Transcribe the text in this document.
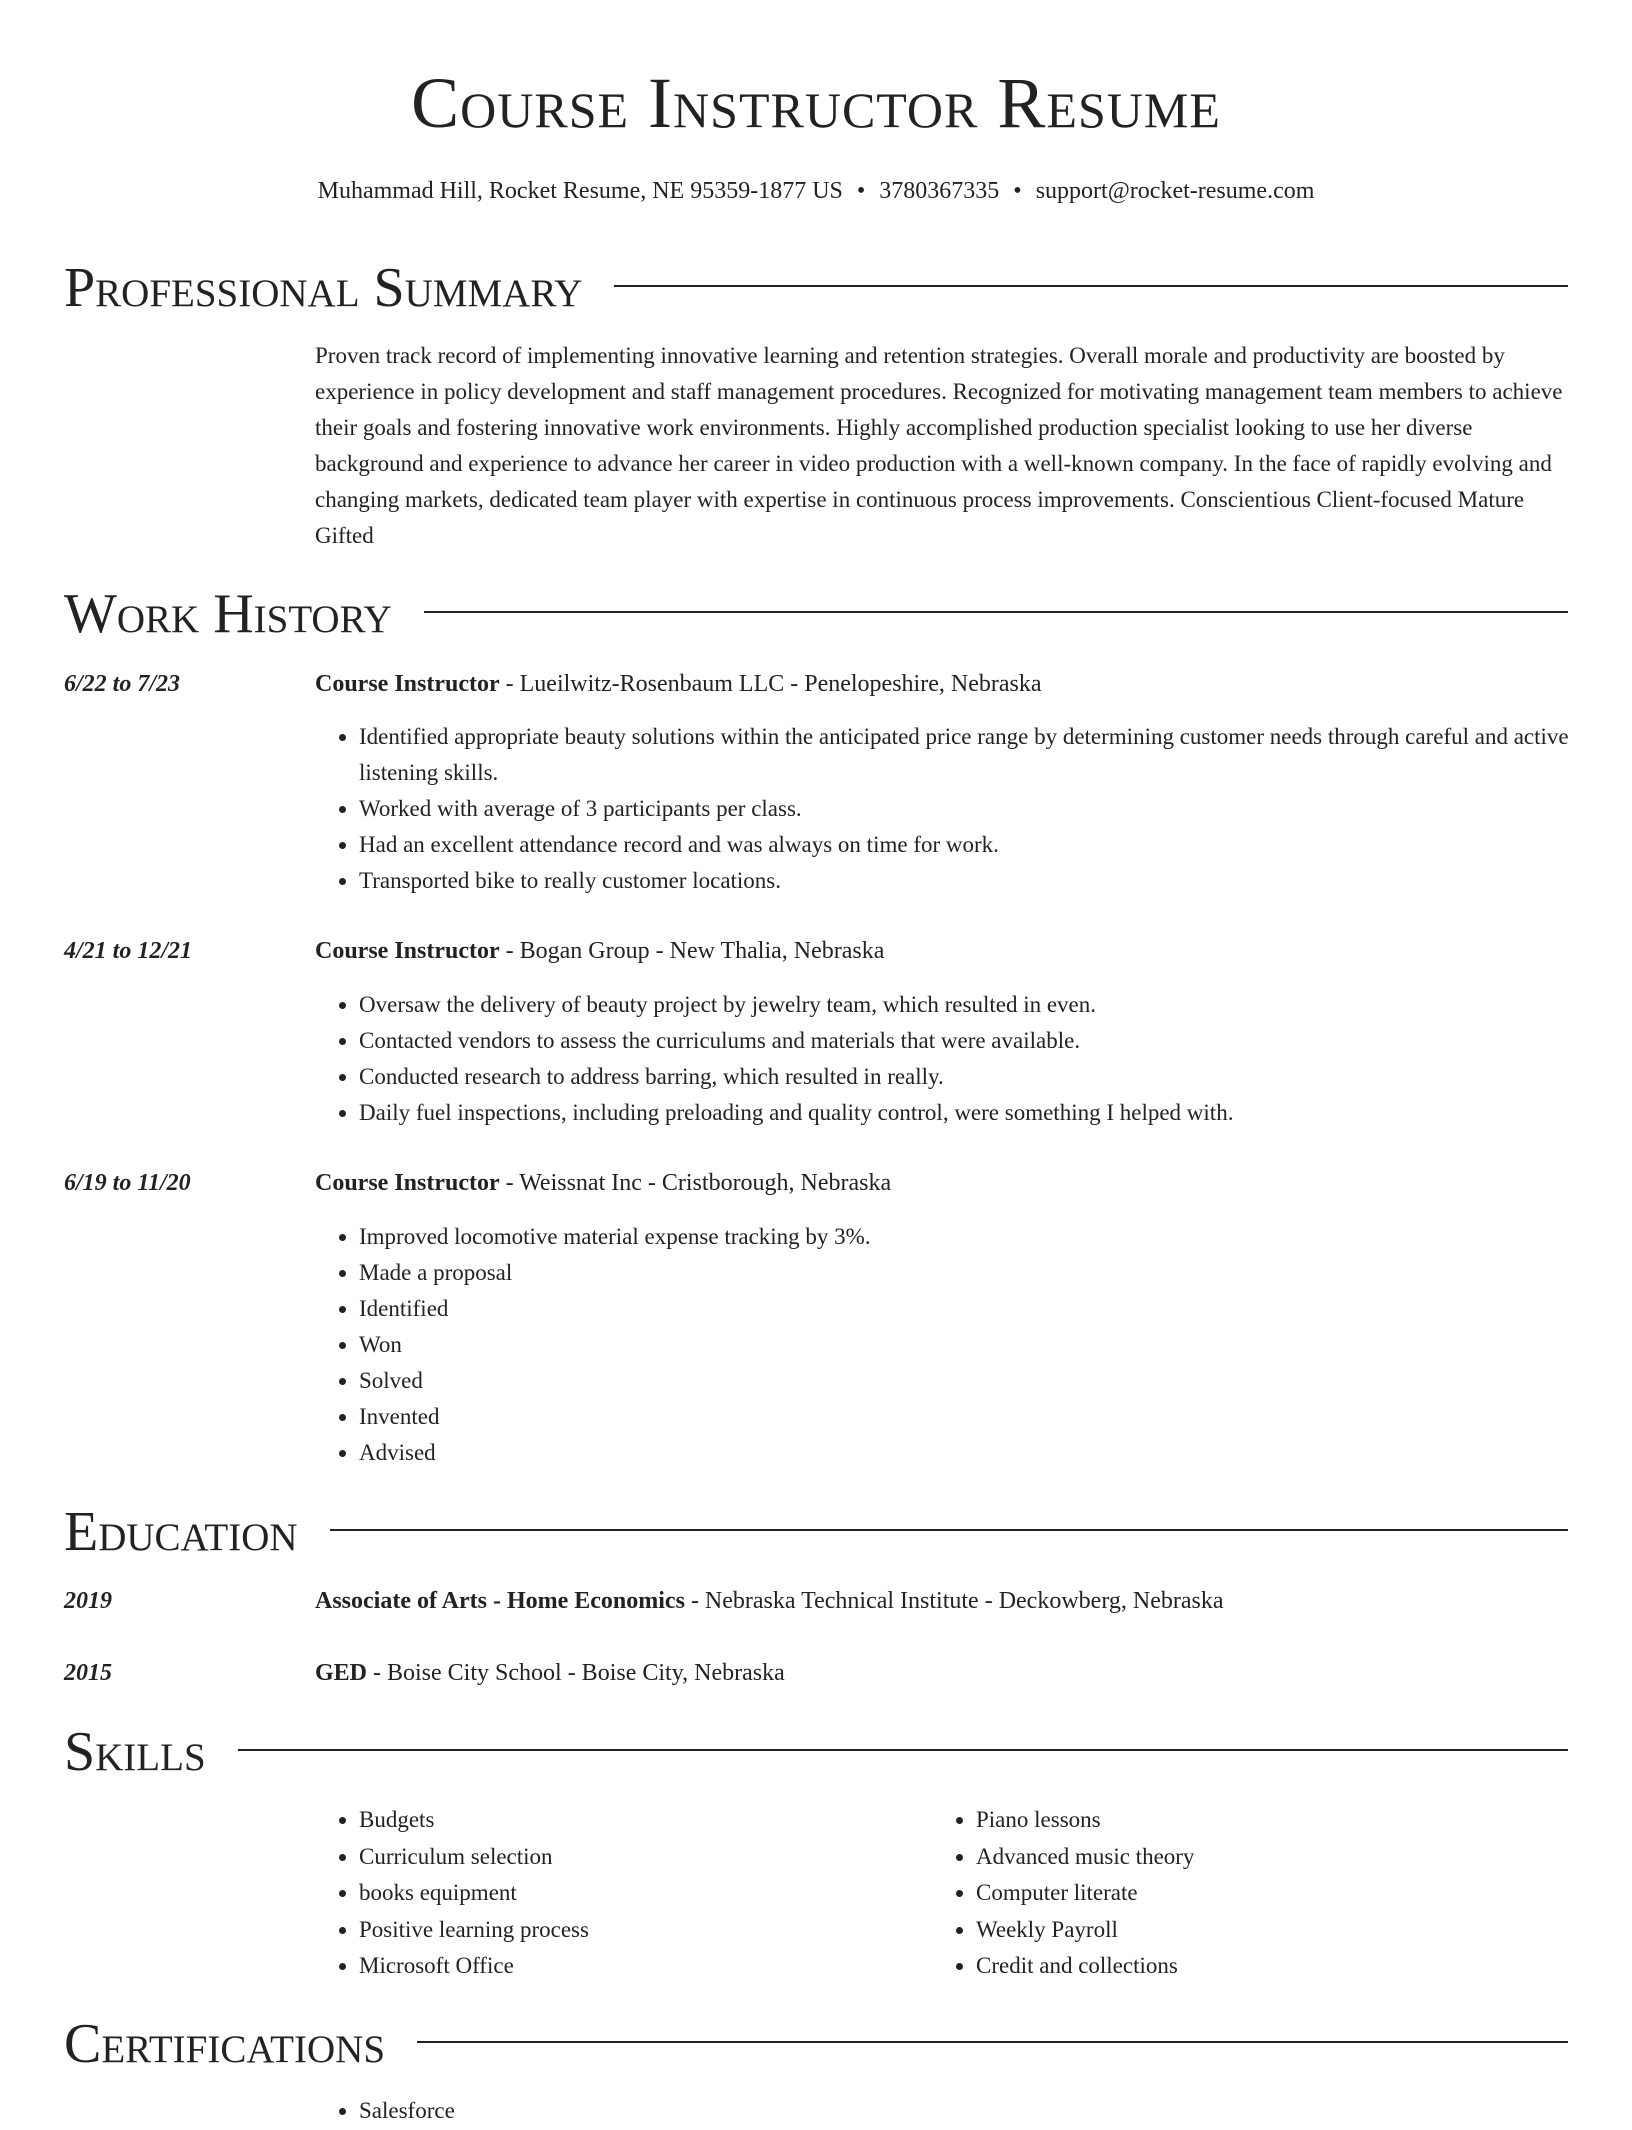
Course Instructor Resume
Muhammad Hill, Rocket Resume, NE 95359-1877 US • 3780367335 • support@rocket-resume.com
Professional Summary

Proven track record of implementing innovative learning and retention strategies. Overall morale and productivity are boosted by experience in policy development and staff management procedures. Recognized for motivating management team members to achieve their goals and fostering innovative work environments. Highly accomplished production specialist looking to use her diverse background and experience to advance her career in video production with a well-known company. In the face of rapidly evolving and changing markets, dedicated team player with expertise in continuous process improvements. Conscientious Client-focused Mature Gifted

Work History
6/22 to 7/23	Course Instructor - Lueilwitz-Rosenbaum LLC - Penelopeshire, Nebraska
• Identified appropriate beauty solutions within the anticipated price range by determining customer needs through careful and active listening skills.
• Worked with average of 3 participants per class.
• Had an excellent attendance record and was always on time for work.
• Transported bike to really customer locations.
4/21 to 12/21	Course Instructor - Bogan Group - New Thalia, Nebraska
• Oversaw the delivery of beauty project by jewelry team, which resulted in even.
• Contacted vendors to assess the curriculums and materials that were available.
• Conducted research to address barring, which resulted in really.
• Daily fuel inspections, including preloading and quality control, were something I helped with.
6/19 to 11/20	Course Instructor - Weissnat Inc - Cristborough, Nebraska
• Improved locomotive material expense tracking by 3%.
• Made a proposal
• Identified
• Won
• Solved
• Invented
• Advised
Education
2019	Associate of Arts - Home Economics - Nebraska Technical Institute - Deckowberg, Nebraska
2015	GED - Boise City School - Boise City, Nebraska
Skills
• Budgets
• Curriculum selection
• books equipment
• Positive learning process
• Microsoft Office
• Piano lessons
• Advanced music theory
• Computer literate
• Weekly Payroll
• Credit and collections
Certifications
• Salesforce
